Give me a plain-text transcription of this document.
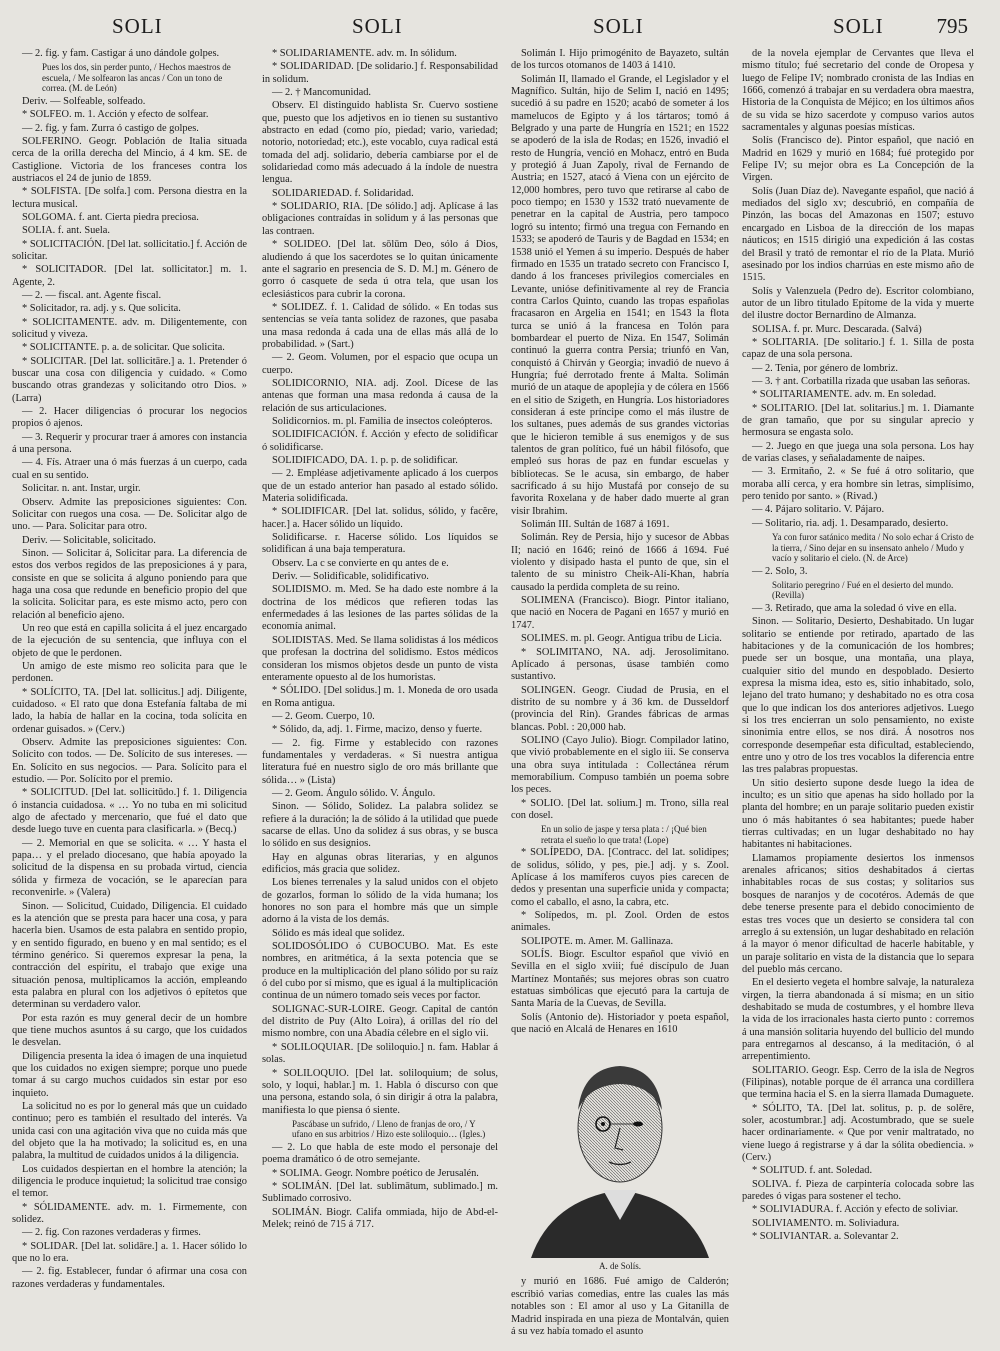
SOLI	SOLI	SOLI	SOLI	795
— 2. fig. y fam. Castigar á uno dándole golpes.
Pues los dos, sin perder punto, / Hechos maestros de escuela, / Me solfearon las ancas / Con un tono de correa. (M. de León)
Deriv. — Solfeable, solfeado.
* SOLFEO. m. 1. Acción y efecto de solfear.
— 2. fig. y fam. Zurra ó castigo de golpes.
SOLFERINO. Geogr. Población de Italia situada cerca de la orilla derecha del Mincio, á 4 km. SE. de Castiglione. Victoria de los franceses contra los austriacos el 24 de junio de 1859.
* SOLFISTA. [De solfa.] com. Persona diestra en la lectura musical.
SOLGOMA. f. ant. Cierta piedra preciosa.
SOLIA. f. ant. Suela.
* SOLICITACIÓN. [Del lat. sollicitatio.] f. Acción de solicitar.
* SOLICITADOR. [Del lat. sollicitator.] m. 1. Agente, 2.
— 2. — fiscal. ant. Agente fiscal.
* Solicitador, ra. adj. y s. Que solicita.
* SOLICITAMENTE. adv. m. Diligentemente, con solicitud y viveza.
* SOLICITANTE. p. a. de solicitar. Que solicita.
* SOLICITAR. [Del lat. sollicitāre.] a. 1. Pretender ó buscar una cosa con diligencia y cuidado. « Como buscando otras grandezas y solicitando otro Dios. » (Larra)
— 2. Hacer diligencias ó procurar los negocios propios ó ajenos.
— 3. Requerir y procurar traer á amores con instancia á una persona.
— 4. Fís. Atraer una ó más fuerzas á un cuerpo, cada cual en su sentido.
Solicitar. n. ant. Instar, urgir.
Observ. Admite las preposiciones siguientes: Con. Solicitar con ruegos una cosa. — De. Solicitar algo de uno. — Para. Solicitar para otro.
Deriv. — Solicitable, solicitado.
Sinon. — Solicitar á, Solicitar para. La diferencia de estos dos verbos regidos de las preposiciones á y para, consiste en que se solicita á alguno poniendo para que haga una cosa que redunde en beneficio propio del que la solicita. Solicitar para, es este mismo acto, pero con relación al beneficio ajeno.
Un reo que está en capilla solicita á el juez encargado de la ejecución de su sentencia, que influya con el objeto de que le perdonen.
Un amigo de este mismo reo solicita para que le perdonen.
* SOLÍCITO, TA. [Del lat. sollicitus.] adj. Diligente, cuidadoso. « El rato que dona Estefanía faltaba de mi lado, la había de hallar en la cocina, toda solícita en ordenar guisados. » (Cerv.)
Observ. Admite las preposiciones siguientes: Con. Solícito con todos. — De. Solícito de sus intereses. — En. Solícito en sus negocios. — Para. Solícito para el estudio. — Por. Solícito por el premio.
* SOLICITUD. [Del lat. sollicitūdo.] f. 1. Diligencia ó instancia cuidadosa. « … Yo no tuba en mi solicitud algo de afectado y mercenario, que fué el dato que desde luego tuve en cuenta para clasificarla. » (Becq.)
— 2. Memorial en que se solicita. « … Y hasta el papa… y el prelado diocesano, que había apoyado la solicitud de la dispensa en su probada virtud, ciencia sólida y firmeza de vocación, se le aparecían para reconvenirle. » (Valera)
Sinon. — Solicitud, Cuidado, Diligencia. El cuidado es la atención que se presta para hacer una cosa, y para hacerla bien. Usamos de esta palabra en sentido propio, y en sentido figurado, en bueno y en mal sentido; es el término genérico. Si queremos expresar la pena, la contracción del espíritu, el trabajo que exige una situación penosa, multiplicamos la acción, empleando esta palabra en plural con los adjetivos ó epítetos que determinan su verdadero valor.
Por esta razón es muy general decir de un hombre que tiene muchos asuntos á su cargo, que los cuidados le desvelan.
Diligencia presenta la idea ó imagen de una inquietud que los cuidados no exigen siempre; porque uno puede tomar á su cargo muchos cuidados sin estar por eso inquieto.
La solicitud no es por lo general más que un cuidado continuo; pero es también el resultado del interés. Va unida casi con una agitación viva que no cuida más que del objeto que la ha motivado; la solicitud es, en una palabra, la multitud de cuidados unidos á la diligencia.
Los cuidados despiertan en el hombre la atención; la diligencia le produce inquietud; la solicitud trae consigo el temor.
* SÓLIDAMENTE. adv. m. 1. Firmemente, con solidez.
— 2. fig. Con razones verdaderas y firmes.
* SOLIDAR. [Del lat. solidāre.] a. 1. Hacer sólido lo que no lo era.
— 2. fig. Establecer, fundar ó afirmar una cosa con razones verdaderas y fundamentales.
* SOLIDARIAMENTE. adv. m. In sólidum.
* SOLIDARIDAD. [De solidario.] f. Responsabilidad in solidum.
— 2. † Mancomunidad.
Observ. El distinguido hablista Sr. Cuervo sostiene que, puesto que los adjetivos en io tienen su sustantivo abstracto en edad (como pío, piedad; vario, variedad; notorio, notoriedad; etc.), este vocablo, cuya radical está tomada del adj. solidario, debería cambiarse por el de solidariedad como más adecuado á la índole de nuestra lengua.
SOLIDARIEDAD. f. Solidaridad.
* SOLIDARIO, RIA. [De sólido.] adj. Aplícase á las obligaciones contraídas in solidum y á las personas que las contraen.
* SOLIDEO. [Del lat. sōlūm Deo, sólo á Dios, aludiendo á que los sacerdotes se lo quitan únicamente ante el sagrario en presencia de S. D. M.] m. Género de gorro ó casquete de seda ú otra tela, que usan los eclesiásticos para cubrir la corona.
* SOLIDEZ. f. 1. Calidad de sólido. « En todas sus sentencias se veía tanta solidez de razones, que pasaba una masa redonda á cada una de ellas más allá de lo probabilidad. » (Sart.)
— 2. Geom. Volumen, por el espacio que ocupa un cuerpo.
SOLIDICORNIO, NIA. adj. Zool. Dícese de las antenas que forman una masa redonda á causa de la relación de sus articulaciones.
Solidicornios. m. pl. Familia de insectos coleópteros.
SOLIDIFICACIÓN. f. Acción y efecto de solidificar ó solidificarse.
SOLIDIFICADO, DA. 1. p. p. de solidificar.
— 2. Empléase adjetivamente aplicado á los cuerpos que de un estado anterior han pasado al estado sólido. Materia solidificada.
* SOLIDIFICAR. [Del lat. solidus, sólido, y facĕre, hacer.] a. Hacer sólido un líquido.
Solidificarse. r. Hacerse sólido. Los líquidos se solidifican á una baja temperatura.
Observ. La c se convierte en qu antes de e.
Deriv. — Solidificable, solidificativo.
SOLIDISMO. m. Med. Se ha dado este nombre á la doctrina de los médicos que refieren todas las enfermedades á las lesiones de las partes sólidas de la economía animal.
SOLIDISTAS. Med. Se llama solidistas á los médicos que profesan la doctrina del solidismo. Estos médicos consideran los mismos objetos desde un punto de vista enteramente opuesto al de los humoristas.
* SÓLIDO. [Del solidus.] m. 1. Moneda de oro usada en Roma antigua.
— 2. Geom. Cuerpo, 10.
* Sólido, da, adj. 1. Firme, macizo, denso y fuerte.
— 2. fig. Firme y establecido con razones fundamentales y verdaderas. « Si nuestra antigua literatura fué en nuestro siglo de oro más brillante que sólida… » (Lista)
— 2. Geom. Ángulo sólido. V. Ángulo.
Sinon. — Sólido, Solidez. La palabra solidez se refiere á la duración; la de sólido á la utilidad que puede sacarse de ellas. Uno da solidez á sus obras, y se busca lo sólido en sus designios.
Hay en algunas obras literarias, y en algunos edificios, más gracia que solidez.
Los bienes terrenales y la salud unidos con el objeto de gozarlos, forman lo sólido de la vida humana; los honores no son para el hombre más que un simple adorno á la vista de los demás.
Sólido es más ideal que solidez.
SOLIDOSÓLIDO ó CUBOCUBO. Mat. Es este nombres, en aritmética, á la sexta potencia que se produce en la multiplicación del plano sólido por su raíz ó del cubo por sí mismo, que es igual á la multiplicación continua de un número tomado seis veces por factor.
SOLIGNAC-SUR-LOIRE. Geogr. Capital de cantón del distrito de Puy (Alto Loira), á orillas del río del mismo nombre, con una Abadía célebre en el siglo vii.
* SOLILOQUIAR. [De soliloquio.] n. fam. Hablar á solas.
* SOLILOQUIO. [Del lat. soliloquium; de solus, solo, y loqui, hablar.] m. 1. Habla ó discurso con que una persona, estando sola, ó sin dirigir á otra la palabra, manifiesta lo que piensa ó siente.
Pascábase un sufrido, / Lleno de franjas de oro, / Y ufano en sus arbitrios / Hizo este soliloquio… (Igles.)
— 2. Lo que habla de este modo el personaje del poema dramático ó de otro semejante.
* SOLIMA. Geogr. Nombre poético de Jerusalén.
* SOLIMÁN. [Del lat. sublimātum, sublimado.] m. Sublimado corrosivo.
SOLIMÁN. Biogr. Califa ommiada, hijo de Abd-el-Melek; reinó de 715 á 717.
Solimán I. Hijo primogénito de Bayazeto, sultán de los turcos otomanos de 1403 á 1410.
Solimán II, llamado el Grande, el Legislador y el Magnífico. Sultán, hijo de Selim I, nació en 1495; sucedió á su padre en 1520; acabó de someter á los mamelucos de Egipto y á los tártaros; tomó á Belgrado y una parte de Hungría en 1521; en 1522 se apoderó de la isla de Rodas; en 1526, invadió el resto de Hungría, venció en Mohacz, entró en Buda y protegió á Juan Zapoly, rival de Fernando de Austria; en 1527, atacó á Viena con un ejército de 12,000 hombres, pero tuvo que retirarse al cabo de poco tiempo; en 1530 y 1532 trató nuevamente de penetrar en la capital de Austria, pero tampoco logró su intento; firmó una tregua con Fernando en 1533; se apoderó de Tauris y de Bagdad en 1534; en 1538 unió el Yemen á su imperio. Después de haber firmado en 1535 un tratado secreto con Francisco I, dando á los franceses privilegios comerciales en Levante, unióse definitivamente al rey de Francia contra Carlos Quinto, cuando las tropas españolas fracasaron en Argelia en 1541; en 1543 la flota turca se unió á la francesa en Tolón para bombardear el puerto de Niza. En 1547, Solimán continuó la guerra contra Persia; triunfó en Van, conquistó á Chirván y Georgia; invadió de nuevo á Hungría; fué derrotado frente á Malta. Solimán murió de un ataque de apoplejía y de cólera en 1566 en el sitio de Szigeth, en Hungría. Los historiadores consideran á este príncipe como el más ilustre de los sultanes, pues además de sus grandes victorias que le hicieron temible á sus enemigos y de sus talentos de gran político, fué un hábil filósofo, que empleó sus horas de paz en fundar escuelas y bibliotecas. Se le acusa, sin embargo, de haber sacrificado á su hijo Mustafá por consejo de su favorita Roxelana y de haber dado muerte al gran visir Ibrahim.
Solimán III. Sultán de 1687 á 1691.
Solimán. Rey de Persia, hijo y sucesor de Abbas II; nació en 1646; reinó de 1666 á 1694. Fué violento y disipado hasta el punto de que, sin el talento de su ministro Cheik-Alí-Khan, habría causado la perdida completa de su reino.
SOLIMENA (Francisco). Biogr. Pintor italiano, que nació en Nocera de Pagani en 1657 y murió en 1747.
SOLIMES. m. pl. Geogr. Antigua tribu de Licia.
* SOLIMITANO, NA. adj. Jerosolimitano. Aplícado á personas, úsase también como sustantivo.
SOLINGEN. Geogr. Ciudad de Prusia, en el distrito de su nombre y á 36 km. de Dusseldorf (provincia del Rin). Grandes fábricas de armas blancas. Pobl. : 20,000 hab.
SOLINO (Cayo Julio). Biogr. Compilador latino, que vivió probablemente en el siglo iii. Se conserva una obra suya intitulada : Collectánea rérum memorabílium. Compuso también un poema sobre los peces.
* SOLIO. [Del lat. solium.] m. Trono, silla real con dosel.
En un solio de jaspe y tersa plata : / ¡Qué bien retrata el sueño lo que trata! (Lope)
* SOLÍPEDO, DA. [Contracc. del lat. solidipes; de solidus, sólido, y pes, pie.] adj. y s. Zool. Aplícase á los mamíferos cuyos pies carecen de dedos y presentan una superficie unida y compacta; como el caballo, el asno, la cabra, etc.
* Solípedos, m. pl. Zool. Orden de estos animales.
SOLIPOTE. m. Amer. M. Gallinaza.
SOLÍS. Biogr. Escultor español que vivió en Sevilla en el siglo xviii; fué discípulo de Juan Martínez Montañés; sus mejores obras son cuatro estatuas simbólicas que ejecutó para la cartuja de Santa María de la Cuevas, de Sevilla.
Solís (Antonio de). Historiador y poeta español, que nació en Alcalá de Henares en 1610
A. de Solís.
y murió en 1686. Fué amigo de Calderón; escribió varias comedias, entre las cuales las más notables son : El amor al uso y La Gitanilla de Madrid inspirada en una pieza de Montalván, quien á su vez había tomado el asunto
de la novela ejemplar de Cervantes que lleva el mismo título; fué secretario del conde de Oropesa y luego de Felipe IV; nombrado cronista de las Indias en 1666, comenzó á trabajar en su verdadera obra maestra, Historia de la Conquista de Méjico; en los últimos años de su vida se hizo sacerdote y compuso varios autos sacramentales y algunas poesías místicas.
Solís (Francisco de). Pintor español, que nació en Madrid en 1629 y murió en 1684; fué protegido por Felipe IV; su mejor obra es La Concepción de la Virgen.
Solís (Juan Díaz de). Navegante español, que nació á mediados del siglo xv; descubrió, en compañía de Pinzón, las bocas del Amazonas en 1507; estuvo encargado en Lisboa de la dirección de los mapas náuticos; en 1515 dirigió una expedición á las costas del Brasil y trató de remontar el río de la Plata. Murió asesinado por los indios charrúas en este mismo año de 1515.
Solís y Valenzuela (Pedro de). Escritor colombiano, autor de un libro titulado Epítome de la vida y muerte del ilustre doctor Bernardino de Almanza.
SOLISA. f. pr. Murc. Descarada. (Salvá)
* SOLITARIA. [De solitario.] f. 1. Silla de posta capaz de una sola persona.
— 2. Tenia, por género de lombriz.
— 3. † ant. Corbatilla rizada que usaban las señoras.
* SOLITARIAMENTE. adv. m. En soledad.
* SOLITARIO. [Del lat. solitarius.] m. 1. Diamante de gran tamaño, que por su singular aprecio y hermosura se engasta solo.
— 2. Juego en que juega una sola persona. Los hay de varias clases, y señaladamente de naipes.
— 3. Ermitaño, 2. « Se fué á otro solitario, que moraba allí cerca, y era hombre sin letras, simplísimo, pero tenido por santo. » (Rivad.)
— 4. Pájaro solitario. V. Pájaro.
— Solitario, ria. adj. 1. Desamparado, desierto.
Ya con furor satánico medita / No solo echar á Cristo de la tierra, / Sino dejar en su insensato anhelo / Mudo y vacío y solitario el cielo. (N. de Arce)
— 2. Solo, 3.
Solitario peregrino / Fué en el desierto del mundo. (Revilla)
— 3. Retirado, que ama la soledad ó vive en ella.
Sinon. — Solitario, Desierto, Deshabitado. Un lugar solitario se entiende por retirado, apartado de las habitaciones y de la comunicación de los hombres; puede ser un bosque, una montaña, una playa, cualquier sitio del mundo en despoblado. Desierto expresa la misma idea, esto es, sitio inhabitado, solo, lejano del trato humano; y deshabitado no es otra cosa que lo que indican los dos anteriores adjetivos. Luego si los tres encierran un solo pensamiento, no existe sinonimia entre ellos, se nos dirá. Á nosotros nos corresponde desempeñar esta dificultad, estableciendo, entre uno y otro de los tres vocablos la diferencia entre las tres palabras propuestas.
Un sitio desierto supone desde luego la idea de inculto; es un sitio que apenas ha sido hollado por la planta del hombre; en un paraje solitario pueden existir uno ó más habitantes ó sea habitantes; puede haber tierras cultivadas; en un lugar deshabitado no hay habitantes ni habitaciones.
Llamamos propiamente desiertos los inmensos arenales africanos; sitios deshabitados á ciertas inhabitables rocas de sus costas; y solitarios sus bosques de naranjos y de cocotéros. Además de que debe tenerse presente para el debido conocimiento de estas tres voces que un desierto se considera tal con arreglo á su extensión, un lugar deshabitado en relación á la mayor ó menor dificultad de hacerle habitable, y un paraje solitario en vista de la distancia que lo separa del pueblo más cercano.
En el desierto vegeta el hombre salvaje, la naturaleza virgen, la tierra abandonada á sí misma; en un sitio deshabitado se muda de costumbres, y el hombre lleva la vida de los irracionales hasta cierto punto : corremos á una mansión solitaria huyendo del bullicio del mundo para entregarnos al descanso, á la meditación, ó al arrepentimiento.
SOLITARIO. Geogr. Esp. Cerro de la isla de Negros (Filipinas), notable porque de él arranca una cordillera que termina hacia el S. en la sierra llamada Dumaguete.
* SÓLITO, TA. [Del lat. solitus, p. p. de solēre, soler, acostumbrar.] adj. Acostumbrado, que se suele hacer ordinariamente. « Que por venir maltratado, no viene luego á registrarse y á dar la sólita obediencia. » (Cerv.)
* SOLITUD. f. ant. Soledad.
SOLIVA. f. Pieza de carpintería colocada sobre las paredes ó vigas para sostener el techo.
* SOLIVIADURA. f. Acción y efecto de soliviar.
SOLIVIAMENTO. m. Soliviadura.
* SOLIVIANTAR. a. Solevantar 2.
